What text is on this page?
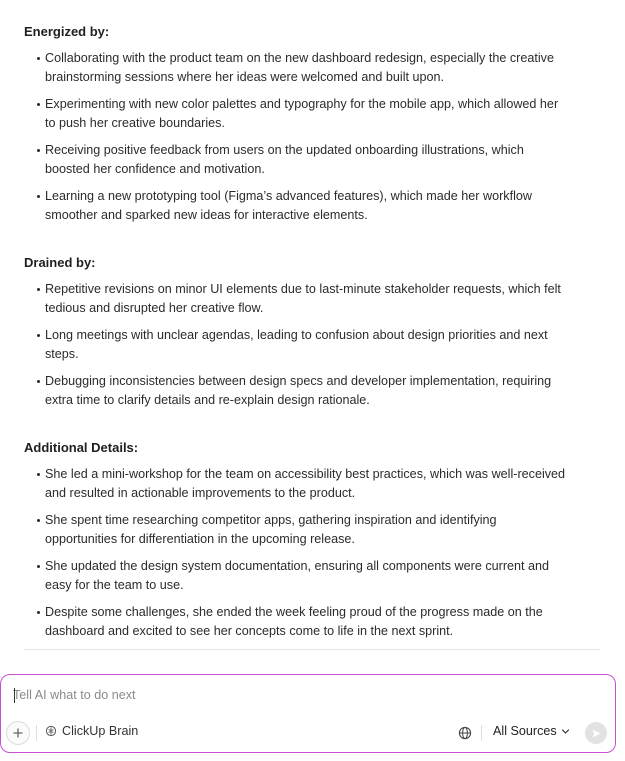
Energized by:
Collaborating with the product team on the new dashboard redesign, especially the creative
brainstorming sessions where her ideas were welcomed and built upon.
Experimenting with new color palettes and typography for the mobile app, which allowed her
to push her creative boundaries.
Receiving positive feedback from users on the updated onboarding illustrations, which
boosted her confidence and motivation.
Learning a new prototyping tool (Figma’s advanced features), which made her workflow
smoother and sparked new ideas for interactive elements.
Drained by:
Repetitive revisions on minor UI elements due to last-minute stakeholder requests, which felt
tedious and disrupted her creative flow.
Long meetings with unclear agendas, leading to confusion about design priorities and next
steps.
Debugging inconsistencies between design specs and developer implementation, requiring
extra time to clarify details and re-explain design rationale.
Additional Details:
She led a mini-workshop for the team on accessibility best practices, which was well-received
and resulted in actionable improvements to the product.
She spent time researching competitor apps, gathering inspiration and identifying
opportunities for differentiation in the upcoming release.
She updated the design system documentation, ensuring all components were current and
easy for the team to use.
Despite some challenges, she ended the week feeling proud of the progress made on the
dashboard and excited to see her concepts come to life in the next sprint.
Tell AI what to do next
ClickUp Brain	All Sources
